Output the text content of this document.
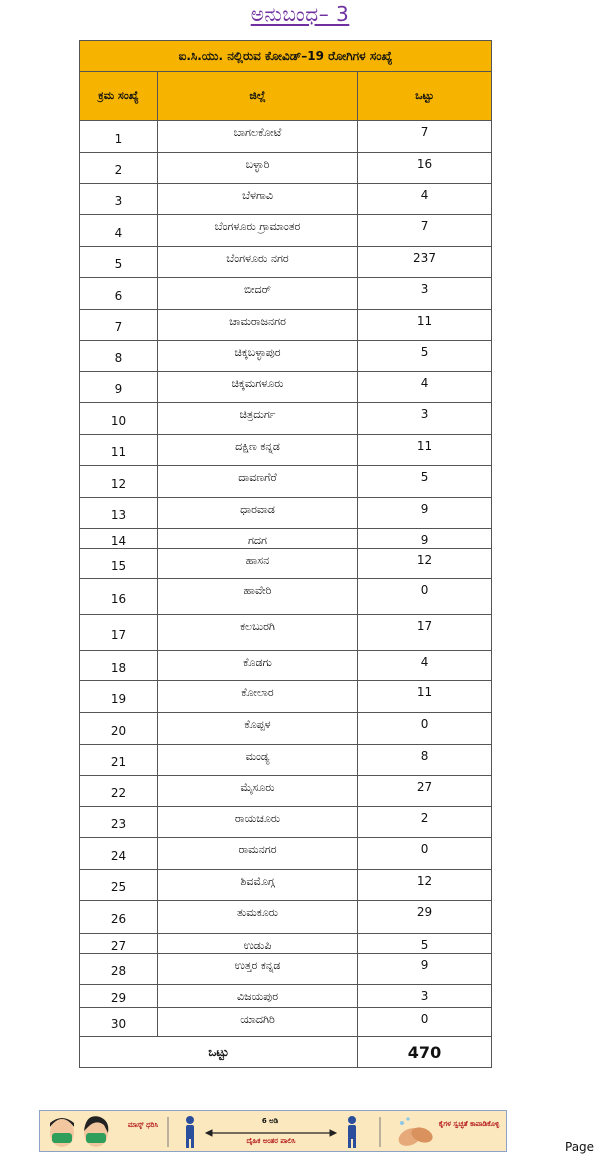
ಅನುಬಂಧ– 3
ಐ.ಸಿ.ಯು. ನಲ್ಲಿರುವ ಕೋವಿಡ್–19 ರೋಗಿಗಳ ಸಂಖ್ಯೆ		

ಕ್ರಮ ಸಂಖ್ಯೆ	ಜಿಲ್ಲೆ	ಒಟ್ಟು
1	ಬಾಗಲಕೋಟೆ	7
2	ಬಳ್ಳಾರಿ	16
3	ಬೆಳಗಾವಿ	4
4	ಬೆಂಗಳೂರು ಗ್ರಾಮಾಂತರ	7
5	ಬೆಂಗಳೂರು ನಗರ	237
6	ಬೀದರ್	3
7	ಚಾಮರಾಜನಗರ	11
8	ಚಿಕ್ಕಬಳ್ಳಾಪುರ	5
9	ಚಿಕ್ಕಮಗಳೂರು	4
10	ಚಿತ್ರದುರ್ಗ	3
11	ದಕ್ಷಿಣ ಕನ್ನಡ	11
12	ದಾವಣಗೆರೆ	5
13	ಧಾರವಾಡ	9
14	ಗದಗ	9
15	ಹಾಸನ	12
16	ಹಾವೇರಿ	0
17	ಕಲಬುರಗಿ	17
18	ಕೊಡಗು	4
19	ಕೋಲಾರ	11
20	ಕೊಪ್ಪಳ	0
21	ಮಂಡ್ಯ	8
22	ಮೈಸೂರು	27
23	ರಾಯಚೂರು	2
24	ರಾಮನಗರ	0
25	ಶಿವಮೊಗ್ಗ	12
26	ತುಮಕೂರು	29
27	ಉಡುಪಿ	5
28	ಉತ್ತರ ಕನ್ನಡ	9
29	ವಿಜಯಪುರ	3
30	ಯಾದಗಿರಿ	0
ಒಟ್ಟು		470
ಮಾಸ್ಕ್ ಧರಿಸಿ	6 ಅಡಿ
ದೈಹಿಕ ಅಂತರ ಪಾಲಿಸಿ
ಕೈಗಳ ಸ್ವಚ್ಛತೆ ಕಾಪಾಡಿಕೊಳ್ಳಿ
Page
